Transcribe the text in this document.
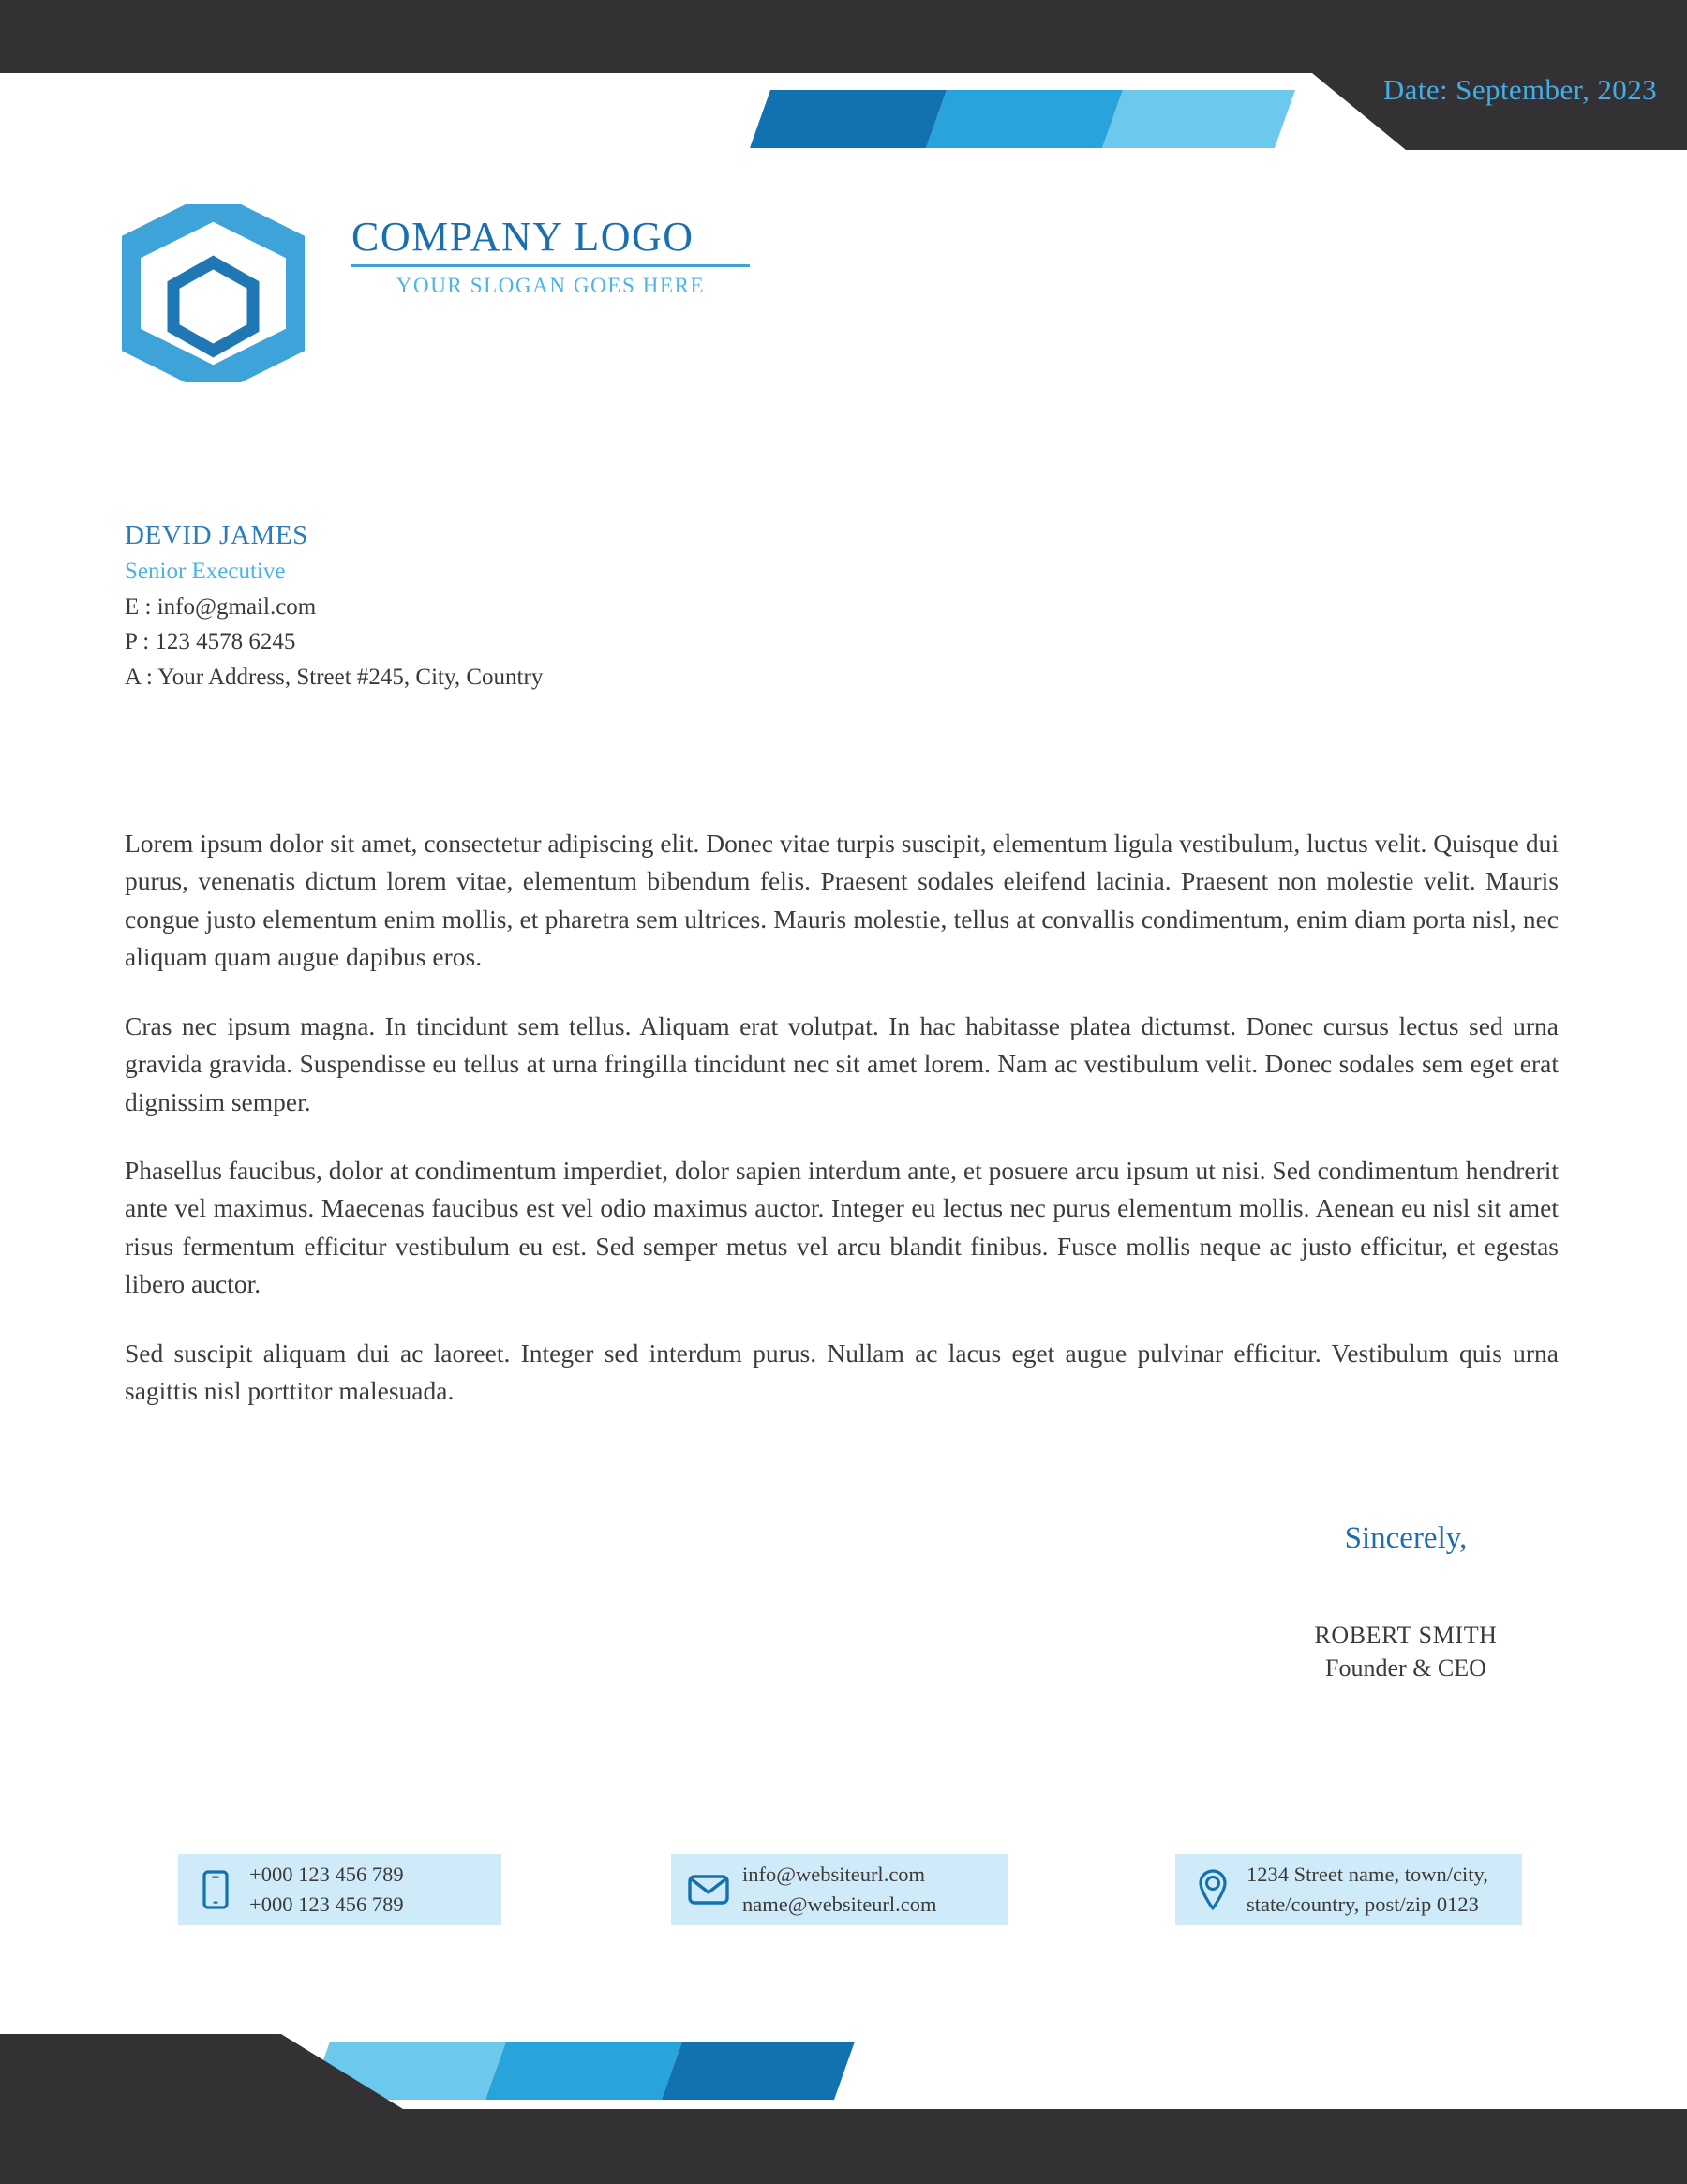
Date: September, 2023
COMPANY LOGO
YOUR SLOGAN GOES HERE
DEVID JAMES
Senior Executive
E : info@gmail.com
P : 123 4578 6245
A : Your Address, Street #245, City, Country

Lorem ipsum dolor sit amet, consectetur adipiscing elit. Donec vitae turpis suscipit, elementum ligula vestibulum, luctus velit. Quisque dui purus, venenatis dictum lorem vitae, elementum bibendum felis. Praesent sodales eleifend lacinia. Praesent non molestie velit. Mauris congue justo elementum enim mollis, et pharetra sem ultrices. Mauris molestie, tellus at convallis condimentum, enim diam porta nisl, nec aliquam quam augue dapibus eros.

Cras nec ipsum magna. In tincidunt sem tellus. Aliquam erat volutpat. In hac habitasse platea dictumst. Donec cursus lectus sed urna gravida gravida. Suspendisse eu tellus at urna fringilla tincidunt nec sit amet lorem. Nam ac vestibulum velit. Donec sodales sem eget erat dignissim semper.

Phasellus faucibus, dolor at condimentum imperdiet, dolor sapien interdum ante, et posuere arcu ipsum ut nisi. Sed condimentum hendrerit ante vel maximus. Maecenas faucibus est vel odio maximus auctor. Integer eu lectus nec purus elementum mollis. Aenean eu nisl sit amet risus fermentum efficitur vestibulum eu est. Sed semper metus vel arcu blandit finibus. Fusce mollis neque ac justo efficitur, et egestas libero auctor.

Sed suscipit aliquam dui ac laoreet. Integer sed interdum purus. Nullam ac lacus eget augue pulvinar efficitur. Vestibulum quis urna sagittis nisl porttitor malesuada.

Sincerely,
ROBERT SMITH
Founder & CEO
+000 123 456 789
+000 123 456 789
info@websiteurl.com
name@websiteurl.com
1234 Street name, town/city,
state/country, post/zip 0123
